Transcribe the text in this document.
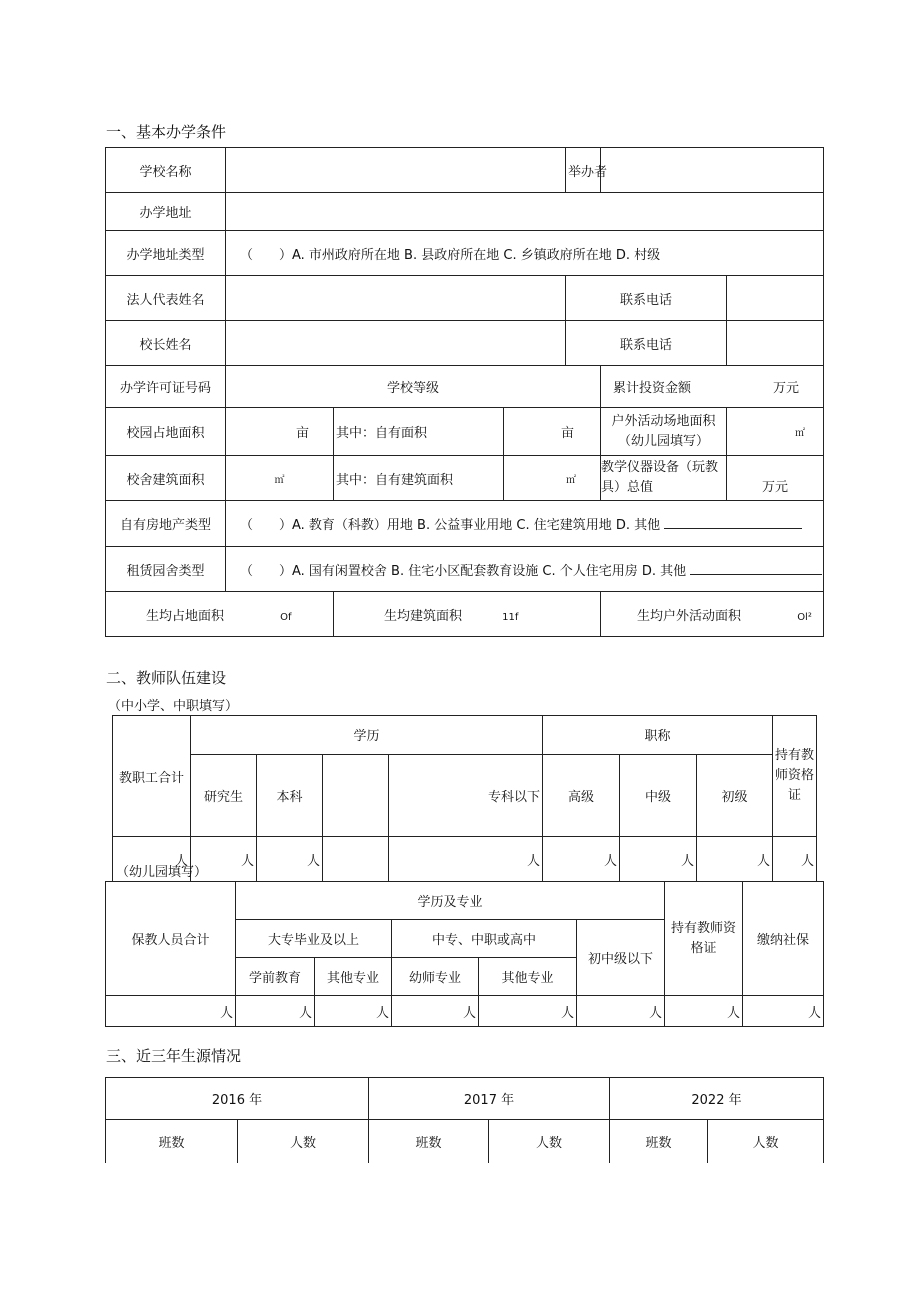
一、基本办学条件
学校名称				举办者		
办学地址						
办学地址类型	（　　）A. 市州政府所在地 B. 县政府所在地 C. 乡镇政府所在地 D. 村级					
法人代表姓名				联系电话		
校长姓名				联系电话		
办学许可证号码	学校等级				累计投资金额 万元	

校园占地面积	亩	其中：自有面积	亩		户外活动场地面积（幼儿园填写）	㎡
校舍建筑面积	㎡	其中：自有建筑面积	㎡		教学仪器设备（玩教具）总值	万元
自有房地产类型	（　　）A. 教育（科教）用地 B. 公益事业用地 C. 住宅建筑用地 D. 其他					
租赁园舍类型	（　　）A. 国有闲置校舍 B. 住宅小区配套教育设施 C. 个人住宅用房 D. 其他					
生均占地面积 Of		生均建筑面积 11f			生均户外活动面积 Ol²	
二、教师队伍建设
（中小学、中职填写）
教职工合计	学历				职称			持有教师资格证	
	研究生	本科		专科以下	高级	中级	初级		
人	人	人		人	人	人	人	人	
（幼儿园填写）
保教人员合计	学历及专业					持有教师资格证	缴纳社保
	大专毕业及以上		中专、中职或高中		初中级以下		
	学前教育	其他专业	幼师专业	其他专业			
人	人	人	人	人	人	人	人
三、近三年生源情况
2016 年		2017 年		2022 年	
班数	人数	班数	人数	班数	人数
